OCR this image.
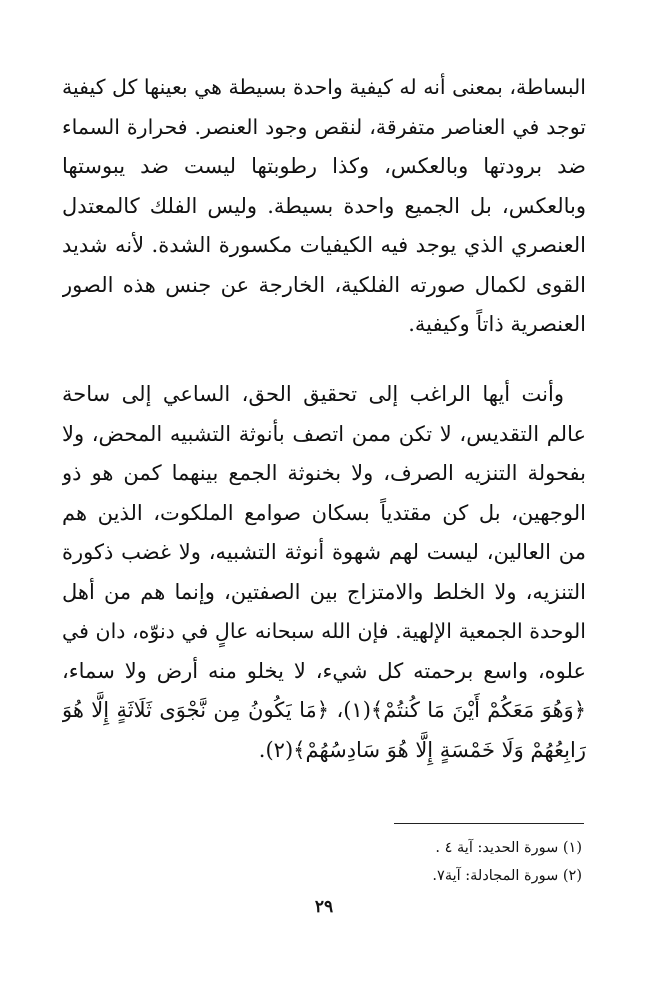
البساطة، بمعنى أنه له كيفية واحدة بسيطة هي بعينها كل كيفية
توجد في العناصر متفرقة، لنقص وجود العنصر. فحرارة السماء
ضد برودتها وبالعكس، وكذا رطوبتها ليست ضد يبوستها
وبالعكس، بل الجميع واحدة بسيطة. وليس الفلك كالمعتدل
العنصري الذي يوجد فيه الكيفيات مكسورة الشدة. لأنه شديد
القوى لكمال صورته الفلكية، الخارجة عن جنس هذه الصور
العنصرية ذاتاً وكيفية.
وأنت أيها الراغب إلى تحقيق الحق، الساعي إلى ساحة
عالم التقديس، لا تكن ممن اتصف بأنوثة التشبيه المحض، ولا
بفحولة التنزيه الصرف، ولا بخنوثة الجمع بينهما كمن هو ذو
الوجهين، بل كن مقتدياً بسكان صوامع الملكوت، الذين هم
من العالين، ليست لهم شهوة أنوثة التشبيه، ولا غضب ذكورة
التنزيه، ولا الخلط والامتزاج بين الصفتين، وإنما هم من أهل
الوحدة الجمعية الإلهية. فإن الله سبحانه عالٍ في دنوّه، دان في
علوه، واسع برحمته كل شيء، لا يخلو منه أرض ولا سماء،
﴿وَهُوَ مَعَكُمْ أَيْنَ مَا كُنتُمْ﴾(١)، ﴿مَا يَكُونُ مِن نَّجْوَى ثَلَاثَةٍ إِلَّا هُوَ
رَابِعُهُمْ وَلَا خَمْسَةٍ إِلَّا هُوَ سَادِسُهُمْ﴾(٢).
(١) سورة الحديد: آية ٤ .
(٢) سورة المجادلة: آية٧.
٢٩
